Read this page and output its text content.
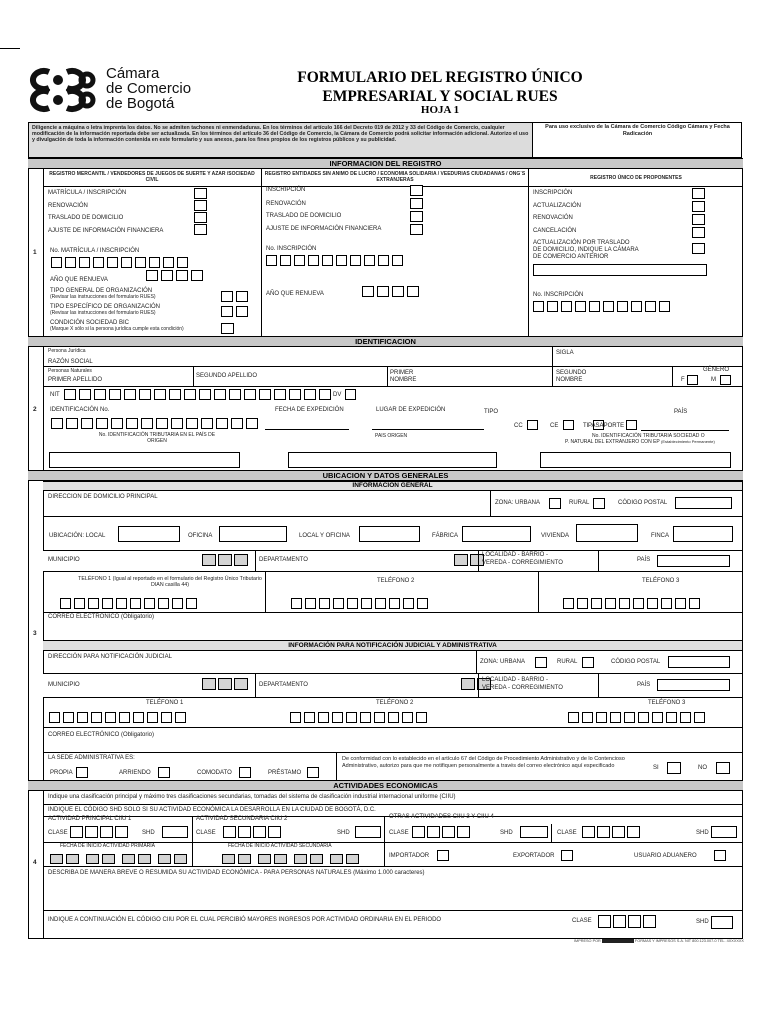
Cámara
de Comercio
de Bogotá
FORMULARIO DEL REGISTRO ÚNICO
EMPRESARIAL Y SOCIAL RUES
HOJA 1
Diligencie a máquina o letra imprenta los datos. No se admiten tachones ni enmendaduras. En los términos del artículo 166 del Decreto 019 de 2012 y 33 del Código de Comercio, cualquier modificación de la información reportada debe ser actualizada. En los términos del artículo 36 del Código de Comercio, la Cámara de Comercio podrá solicitar información adicional. Autorizo el uso y divulgación de toda la información contenida en este formulario y sus anexos, para los fines propios de los registros públicos y su publicidad.
Para uso exclusivo de la Cámara de Comercio Código Cámara y Fecha Radicación
1
2
3
4
INFORMACION DEL REGISTRO
REGISTRO MERCANTIL / VENDEDORES DE JUEGOS DE SUERTE Y AZAR /SOCIEDAD CIVIL
REGISTRO ENTIDADES SIN ANIMO DE LUCRO / ECONOMIA SOLIDARIA / VEEDURIAS CIUDADANAS / ONG´S EXTRANJERAS	REGISTRO ÚNICO DE PROPONENTES
MATRÍCULA / INSCRIPCIÓN
RENOVACIÓN
TRASLADO DE DOMICILIO
AJUSTE DE INFORMACIÓN FINANCIERA
No. MATRÍCULA / INSCRIPCIÓN
AÑO QUE RENUEVA
TIPO GENERAL DE ORGANIZACIÓN
(Revisar las instrucciones del formulario RUES)
TIPO ESPECÍFICO DE ORGANIZACIÓN
(Revisar las instrucciones del formulario RUES)
CONDICIÓN SOCIEDAD BIC
(Marque X sólo si la persona jurídica cumple esta condición)
INSCRIPCIÓN
RENOVACIÓN
TRASLADO DE DOMICILIO
AJUSTE DE INFORMACIÓN FINANCIERA
No. INSCRIPCIÓN
AÑO QUE RENUEVA
INSCRIPCIÓN
ACTUALIZACIÓN
RENOVACIÓN
CANCELACIÓN
ACTUALIZACIÓN POR TRASLADO
DE DOMICILIO, INDIQUE LA CÁMARA
DE COMERCIO ANTERIOR
No. INSCRIPCIÓN
IDENTIFICACION
Persona Jurídica
RAZÓN SOCIAL
SIGLA
Personas Naturales
PRIMER APELLIDO
SEGUNDO APELLIDO	PRIMER
NOMBRE
SEGUNDO
NOMBRE
GÉNERO
F	M
NIT	DV
IDENTIFICACIÓN No.	FECHA DE EXPEDICIÓN	LUGAR DE EXPEDICIÓN	TIPO	PAÍS
CC	CE	TI PASAPORTE
No. IDENTIFICACIÓN TRIBUTARIA EN EL PAÍS DE ORIGEN
PAIS ORIGEN	No. IDENTIFICACIÓN TRIBUTARIA SOCIEDAD O
P. NATURAL DEL EXTRANJERO CON EP (Establecimiento Permanente)
UBICACION Y DATOS GENERALES
INFORMACIÓN GENERAL
DIRECCION DE DOMICILIO PRINCIPAL
ZONA: URBANA	RURAL	CÓDIGO POSTAL
UBICACIÓN: LOCAL	OFICINA	LOCAL Y OFICINA	FÁBRICA	VIVIENDA	FINCA
MUNICIPIO	DEPARTAMENTO
LOCALIDAD - BARRIO -
VEREDA - CORREGIMIENTO	PAÍS
TELÉFONO 1 (Igual al reportado en el formulario del Registro Único Tributario DIAN casilla 44)
TELÉFONO 2	TELÉFONO 3
CORREO ELECTRÓNICO (Obligatorio)
INFORMACIÓN PARA NOTIFICACIÓN JUDICIAL Y ADMINISTRATIVA
DIRECCIÓN PARA NOTIFICACIÓN JUDICIAL
ZONA: URBANA	RURAL	CÓDIGO POSTAL
MUNICIPIO	DEPARTAMENTO
LOCALIDAD - BARRIO -
VEREDA - CORREGIMIENTO	PAÍS
TELÉFONO 1	TELÉFONO 2	TELÉFONO 3
CORREO ELECTRÓNICO (Obligatorio)
LA SEDE ADMINISTRATIVA ES:
PROPIA	ARRIENDO	COMODATO	PRÉSTAMO
De conformidad con lo establecido en el artículo 67 del Código de Procedimiento Administrativo y de lo Contencioso Administrativo, autorizo para que me notifiquen personalmente a través del correo electrónico aquí especificado	SI	NO
ACTIVIDADES ECONOMICAS
Indique una clasificación principal y máximo tres clasificaciones secundarias, tomadas del sistema de clasificación industrial internacional uniforme (CIIU)
INDIQUE EL CÓDIGO SHD SOLO SI SU ACTIVIDAD ECONÓMICA LA DESARROLLA EN LA CIUDAD DE BOGOTÁ, D.C.
ACTIVIDAD PRINCIPAL CIIU 1	ACTIVIDAD SECUNDARIA CIIU 2	OTRAS ACTIVIDADES CIIU 3 Y CIIU 4
CLASE	SHD	CLASE	SHD	CLASE	SHD	CLASE	SHD
FECHA DE INICIO ACTIVIDAD PRIMARIA	FECHA DE INICIO ACTIVIDAD SECUNDARIA
IMPORTADOR	EXPORTADOR	USUARIO ADUANERO
DESCRIBA DE MANERA BREVE O RESUMIDA SU ACTIVIDAD ECONÓMICA - PARA PERSONAS NATURALES (Máximo 1.000 caracteres)
INDIQUE A CONTINUACIÓN EL CÓDIGO CIIU POR EL CUAL PERCIBIÓ MAYORES INGRESOS POR ACTIVIDAD ORDINARIA EN EL PERIODO	CLASE	SHD
IMPRESO POR	FORMAS Y IMPRESOS S.A. NIT 800.123.007-0 TEL. 4XXXXXX
